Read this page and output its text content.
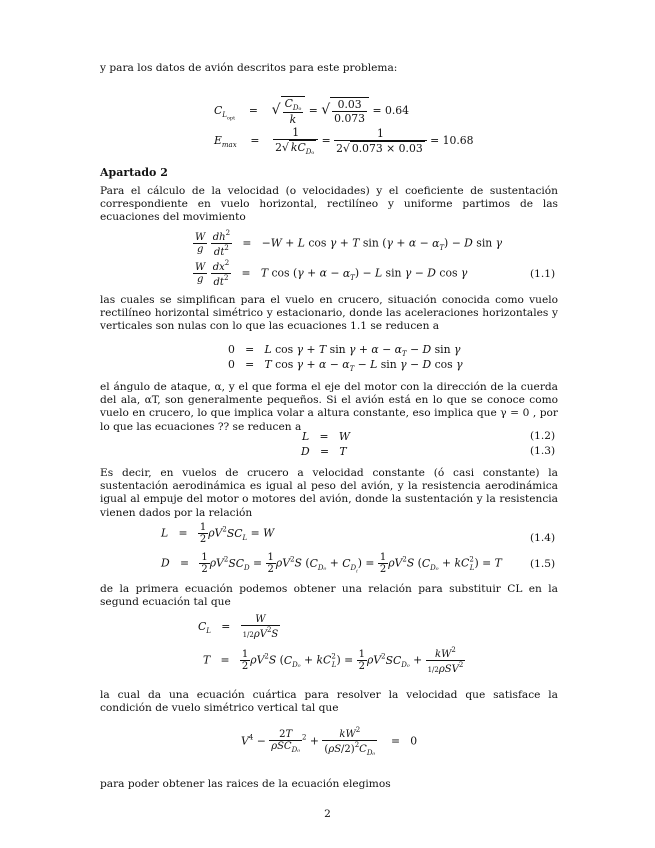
y para los datos de avión descritos para este problema:
$C_{L_{opt}}$    =    √ $\frac{C_{D_0}}{k}$ = √ $\frac{0.03}{0.073} = 0.64$
$E_{max}$    = $\frac{1}{2√ kC_{D_0}} = \frac{1}{2√ 0.073 \times 0.03} = 10.68$
Apartado 2
Para el cálculo de la velocidad (o velocidades) y el coeficiente de sustentación correspondiente en vuelo horizontal, rectilíneo y uniforme partimos de las ecuaciones del movimiento
$\frac{W}{g}$
$\frac{dh^2}{dt^2} = -W + L$ cos γ + T $\sin (\gamma + \alpha - \alpha_T) - D$ sin γ
$\frac{W}{g}$
$\frac{dx^2}{dt^2} = T$ $\cos (\gamma + \alpha - \alpha_T) - L$ sin γ − D cos γ	(1.1)
las cuales se simplifican para el vuelo en crucero, situación conocida como vuelo rectilíneo horizontal simétrico y estacionario, donde las aceleraciones horizontales y verticales son nulas con lo que las ecuaciones 1.1 se reducen a
0   =   L cos γ + T $\sin \gamma + \alpha - \alpha_T - D$ sin γ
0   =   T $\cos \gamma + \alpha - \alpha_T - L$ sin γ − D cos γ
el ángulo de ataque, α, y el que forma el eje del motor con la dirección de la cuerda del ala, αT, son generalmente pequeños. Si el avión está en lo que se conoce como vuelo en crucero, lo que implica volar a altura constante, eso implica que γ = 0 , por lo que las ecuaciones ?? se reducen a
L   =   W	(1.2)
D   =   T	(1.3)
Es decir, en vuelos de crucero a velocidad constante (ó casi constante) la sustentación aerodinámica es igual al peso del avión, y la resistencia aerodinámica igual al empuje del motor o motores del avión, donde la sustentación y la resistencia vienen dados por la relación
$L = \frac{1}{2} \rho V^2SC_L = W$	(1.4)
$D = \frac{1}{2} \rho V^2SC_D = \frac{1}{2} \rho V^2S$ $(C_{D_0} + C_{D_i}) = \frac{1}{2} \rho V^2S$ $(C_{D_0} + kC^2_L) = T$	(1.5)
de la primera ecuación podemos obtener una relación para substituir CL en la segund ecuación tal que
$C_L = \frac{W}{1/2\rho V^2S}$
$T = \frac{1}{2} \rho V^2S$ $(C_{D_0} + kC^2_L) = \frac{1}{2} \rho V^2SC_{D_0} + \frac{kW^2}{1/2\rho SV^2}$
la cual da una ecuación cuártica para resolver la velocidad que satisface la condición de vuelo simétrico vertical tal que
$V^4 - \frac{2T}{\rho SC_{D_0}} ^2 + \frac{kW^2}{(\rho S/2)^2C_{D_0}} = 0$
para poder obtener las raices de la ecuación elegimos
2
